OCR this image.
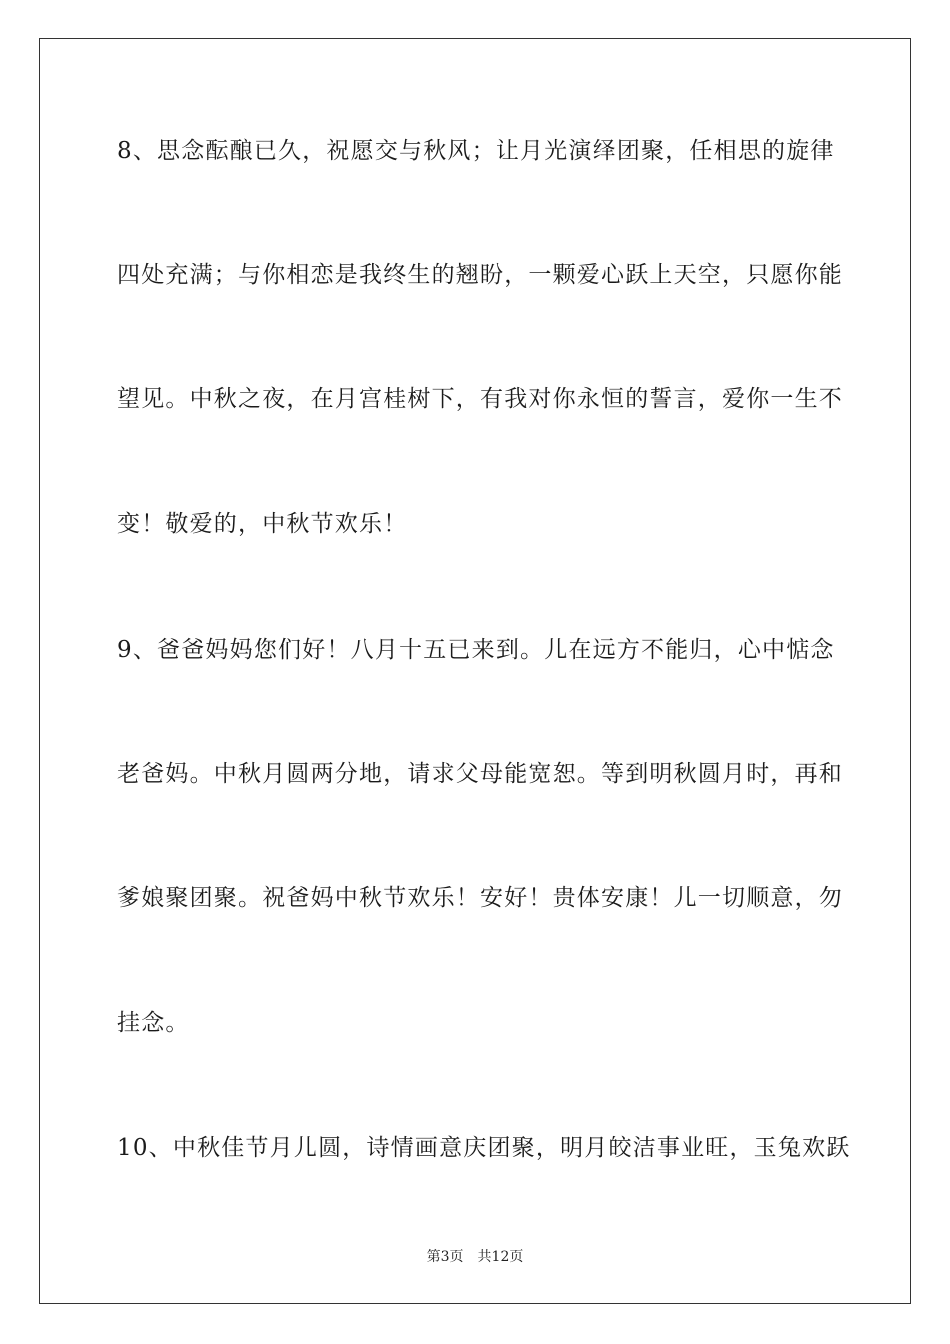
8、思念酝酿已久，祝愿交与秋风；让月光演绎团聚，任相思的旋律
四处充满；与你相恋是我终生的翘盼，一颗爱心跃上天空，只愿你能
望见。中秋之夜，在月宫桂树下，有我对你永恒的誓言，爱你一生不
变！敬爱的，中秋节欢乐！
9、爸爸妈妈您们好！八月十五已来到。儿在远方不能归，心中惦念
老爸妈。中秋月圆两分地，请求父母能宽恕。等到明秋圆月时，再和
爹娘聚团聚。祝爸妈中秋节欢乐！安好！贵体安康！儿一切顺意，勿
挂念。
10、中秋佳节月儿圆，诗情画意庆团聚，明月皎洁事业旺，玉兔欢跃
第3页 共12页
